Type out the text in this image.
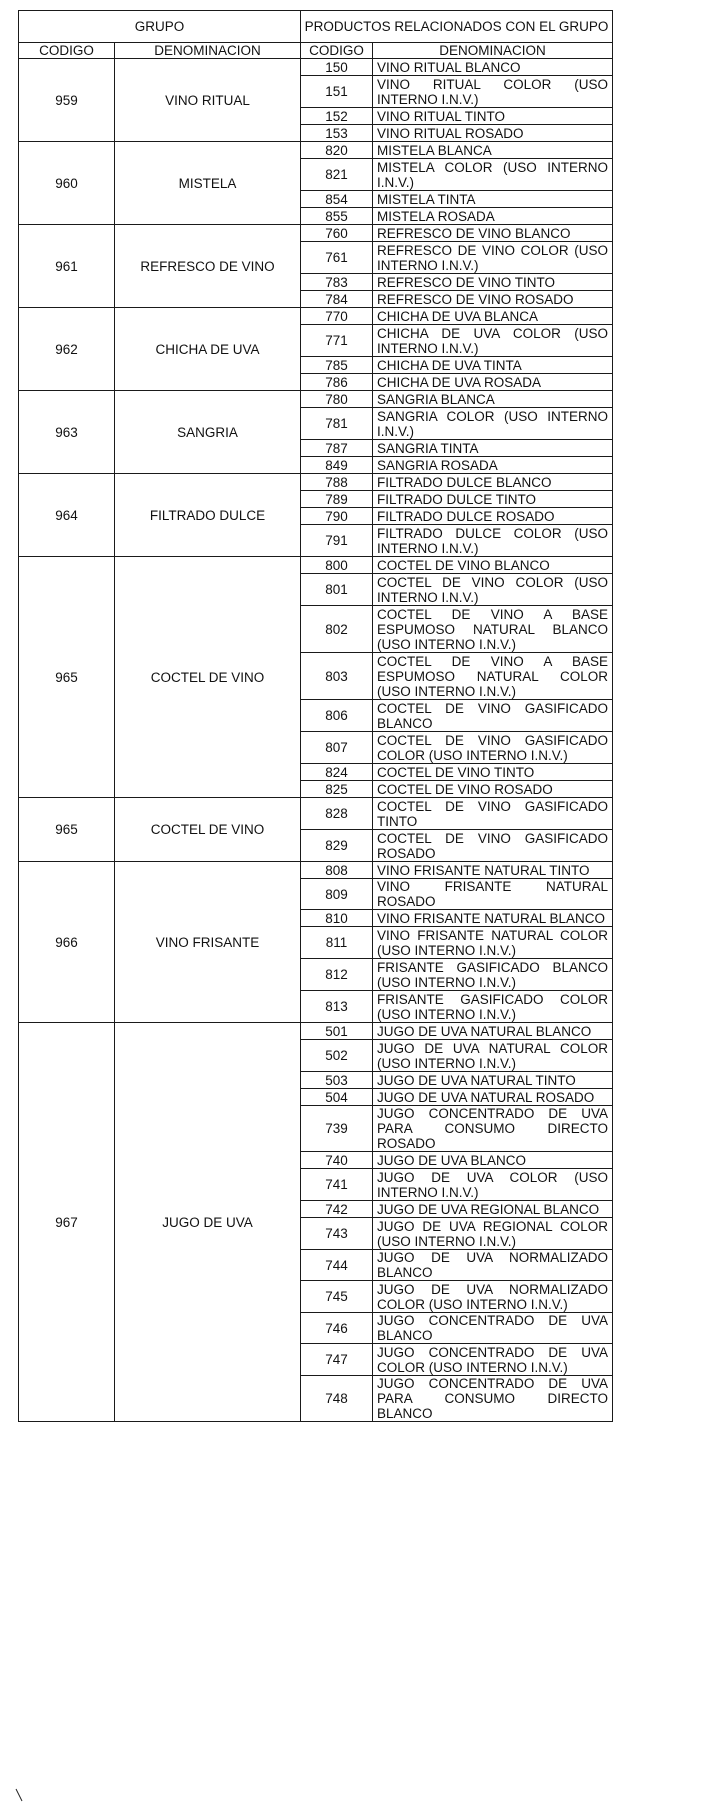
GRUPO		PRODUCTOS RELACIONADOS CON EL GRUPO	
CODIGO	DENOMINACION	CODIGO	DENOMINACION
959	VINO RITUAL	150	VINO RITUAL BLANCO
		151	VINO RITUAL COLOR (USO INTERNO I.N.V.)
		152	VINO RITUAL TINTO
		153	VINO RITUAL ROSADO
960	MISTELA	820	MISTELA BLANCA
		821	MISTELA COLOR (USO INTERNO I.N.V.)
		854	MISTELA TINTA
		855	MISTELA ROSADA
961	REFRESCO DE VINO	760	REFRESCO DE VINO BLANCO
		761	REFRESCO DE VINO COLOR (USO INTERNO I.N.V.)
		783	REFRESCO DE VINO TINTO
		784	REFRESCO DE VINO ROSADO
962	CHICHA DE UVA	770	CHICHA DE UVA BLANCA
		771	CHICHA DE UVA COLOR (USO INTERNO I.N.V.)
		785	CHICHA DE UVA TINTA
		786	CHICHA DE UVA ROSADA
963	SANGRIA	780	SANGRIA BLANCA
		781	SANGRIA COLOR (USO INTERNO I.N.V.)
		787	SANGRIA TINTA
		849	SANGRIA ROSADA
964	FILTRADO DULCE	788	FILTRADO DULCE BLANCO
		789	FILTRADO DULCE TINTO
		790	FILTRADO DULCE ROSADO
		791	FILTRADO DULCE COLOR (USO INTERNO I.N.V.)
965	COCTEL DE VINO	800	COCTEL DE VINO BLANCO
		801	COCTEL DE VINO COLOR (USO INTERNO I.N.V.)
		802	COCTEL DE VINO A BASE ESPUMOSO NATURAL BLANCO (USO INTERNO I.N.V.)
		803	COCTEL DE VINO A BASE ESPUMOSO NATURAL COLOR (USO INTERNO I.N.V.)
		806	COCTEL DE VINO GASIFICADO BLANCO
		807	COCTEL DE VINO GASIFICADO COLOR (USO INTERNO I.N.V.)
		824	COCTEL DE VINO TINTO
		825	COCTEL DE VINO ROSADO
965	COCTEL DE VINO	828	COCTEL DE VINO GASIFICADO TINTO
		829	COCTEL DE VINO GASIFICADO ROSADO
966	VINO FRISANTE	808	VINO FRISANTE NATURAL TINTO
		809	VINO FRISANTE NATURAL ROSADO
		810	VINO FRISANTE NATURAL BLANCO
		811	VINO FRISANTE NATURAL COLOR (USO INTERNO I.N.V.)
		812	FRISANTE GASIFICADO BLANCO (USO INTERNO I.N.V.)
		813	FRISANTE GASIFICADO COLOR (USO INTERNO I.N.V.)
967	JUGO DE UVA	501	JUGO DE UVA NATURAL BLANCO
		502	JUGO DE UVA NATURAL COLOR (USO INTERNO I.N.V.)
		503	JUGO DE UVA NATURAL TINTO
		504	JUGO DE UVA NATURAL ROSADO
		739	JUGO CONCENTRADO DE UVA PARA CONSUMO DIRECTO ROSADO
		740	JUGO DE UVA BLANCO
		741	JUGO DE UVA COLOR (USO INTERNO I.N.V.)
		742	JUGO DE UVA REGIONAL BLANCO
		743	JUGO DE UVA REGIONAL COLOR (USO INTERNO I.N.V.)
		744	JUGO DE UVA NORMALIZADO BLANCO
		745	JUGO DE UVA NORMALIZADO COLOR (USO INTERNO I.N.V.)
		746	JUGO CONCENTRADO DE UVA BLANCO
		747	JUGO CONCENTRADO DE UVA COLOR (USO INTERNO I.N.V.)
		748	JUGO CONCENTRADO DE UVA PARA CONSUMO DIRECTO BLANCO
